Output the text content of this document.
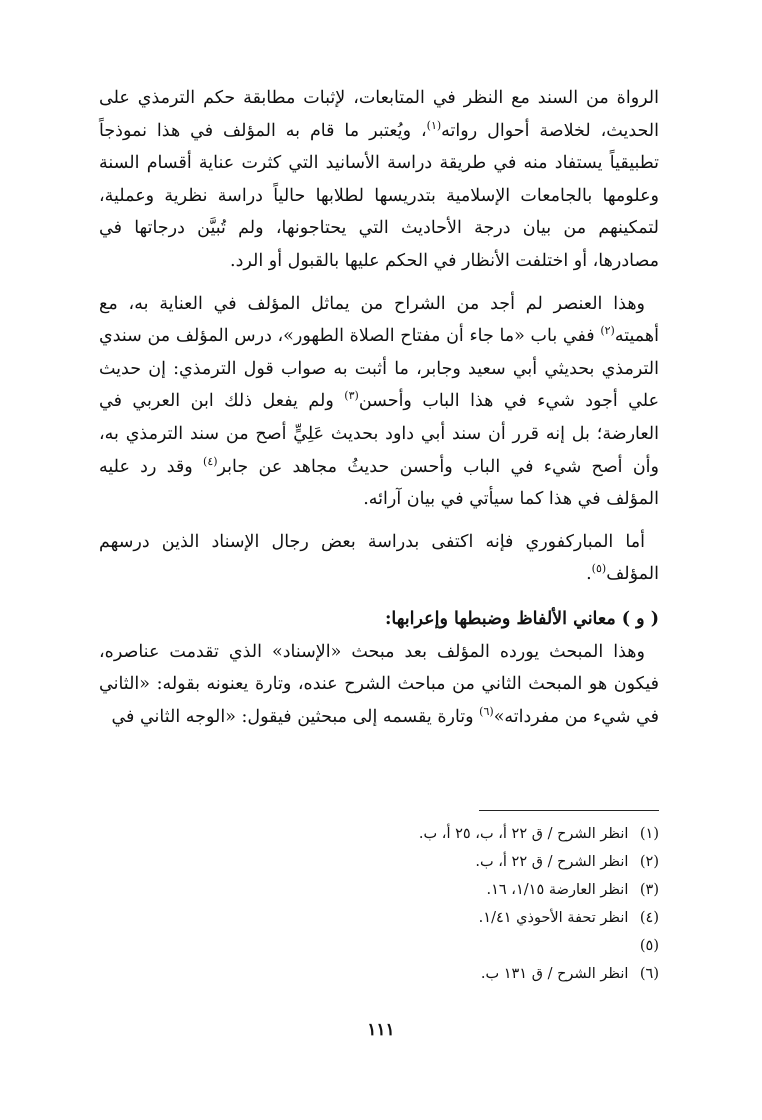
الرواة من السند مع النظر في المتابعات، لإثبات مطابقة حكم الترمذي على الحديث، لخلاصة أحوال رواته$^{(١)}$، ويُعتبر ما قام به المؤلف في هذا نموذجاً تطبيقياً يستفاد منه في طريقة دراسة الأسانيد التي كثرت عناية أقسام السنة وعلومها بالجامعات الإسلامية بتدريسها لطلابها حالياً دراسة نظرية وعملية، لتمكينهم من بيان درجة الأحاديث التي يحتاجونها، ولم تُبيَّن درجاتها في مصادرها، أو اختلفت الأنظار في الحكم عليها بالقبول أو الرد.

وهذا العنصر لم أجد من الشراح من يماثل المؤلف في العناية به، مع أهميته$^{(٢)}$ ففي باب «ما جاء أن مفتاح الصلاة الطهور»، درس المؤلف من سندي الترمذي بحديثي أبي سعيد وجابر، ما أثبت به صواب قول الترمذي: إن حديث علي أجود شيء في هذا الباب وأحسن$^{(٣)}$ ولم يفعل ذلك ابن العربي في العارضة؛ بل إنه قرر أن سند أبي داود بحديث عَلِيٍّ أصح من سند الترمذي به، وأن أصح شيء في الباب وأحسن حديثُ مجاهد عن جابر$^{(٤)}$ وقد رد عليه المؤلف في هذا كما سيأتي في بيان آرائه.

أما المباركفوري فإنه اكتفى بدراسة بعض رجال الإسناد الذين درسهم المؤلف$^{(٥)}$.

( و ) معاني الألفاظ وضبطها وإعرابها:

وهذا المبحث يورده المؤلف بعد مبحث «الإسناد» الذي تقدمت عناصره، فيكون هو المبحث الثاني من مباحث الشرح عنده، وتارة يعنونه بقوله: «الثاني في شيء من مفرداته»$^{(٦)}$ وتارة يقسمه إلى مبحثين فيقول: «الوجه الثاني في

(١) انظر الشرح / ق ٢٢ أ، ب، ٢٥ أ، ب.
(٢) انظر الشرح / ق ٢٢ أ، ب.
(٣) انظر العارضة ١/١٥، ١٦.
(٤) انظر تحفة الأحوذي ١/٤١.
(٥)
(٦) انظر الشرح / ق ١٣١ ب.
١١١
